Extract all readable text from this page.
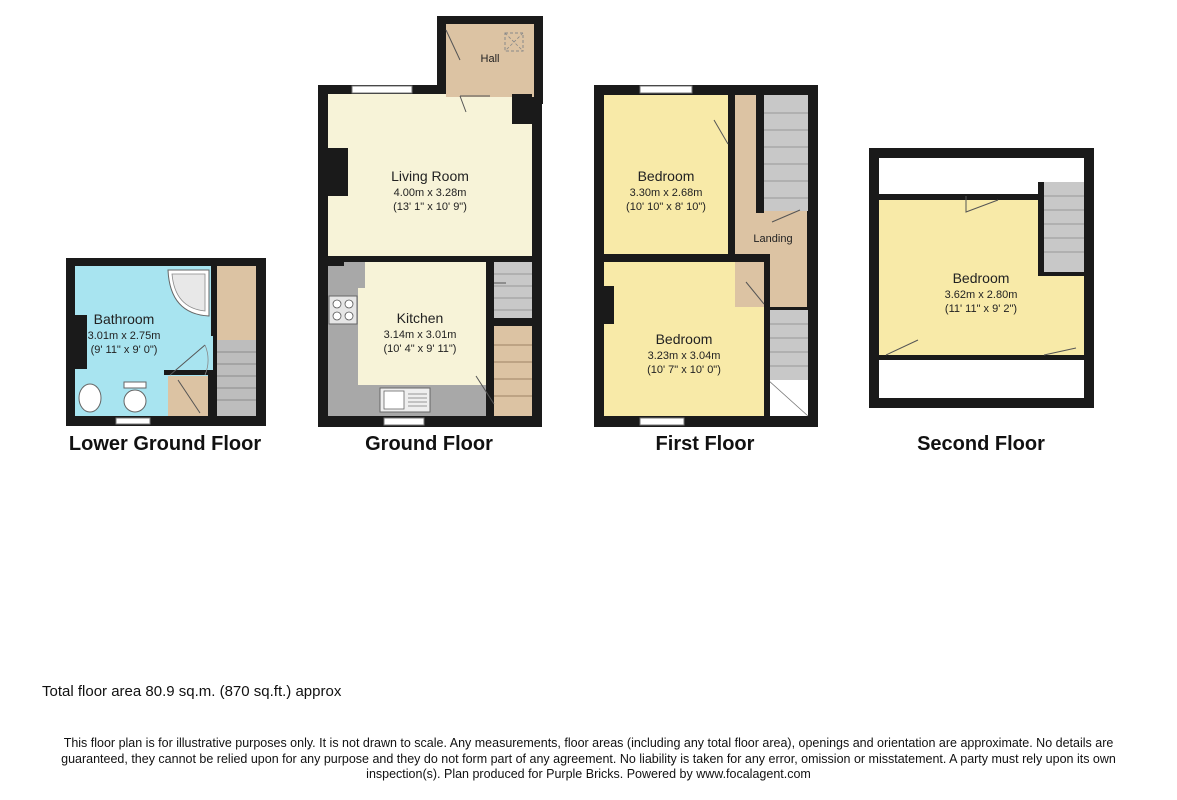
Bathroom
3.01m x 2.75m
(9' 11" x 9' 0")
Hall
Living Room
4.00m x 3.28m
(13' 1" x 10' 9")
Kitchen
3.14m x 3.01m
(10' 4" x 9' 11")
Bedroom
3.30m x 2.68m
(10' 10" x 8' 10")
Landing
Bedroom
3.23m x 3.04m
(10' 7" x 10' 0")
Bedroom
3.62m x 2.80m
(11' 11" x 9' 2")
Lower Ground Floor	Ground Floor	First Floor	Second Floor
Total floor area 80.9 sq.m. (870 sq.ft.) approx
This floor plan is for illustrative purposes only. It is not drawn to scale. Any measurements, floor areas (including any total floor area), openings and orientation are approximate. No details are guaranteed, they cannot be relied upon for any purpose and they do not form part of any agreement. No liability is taken for any error, omission or misstatement. A party must rely upon its own inspection(s). Plan produced for Purple Bricks. Powered by www.focalagent.com
